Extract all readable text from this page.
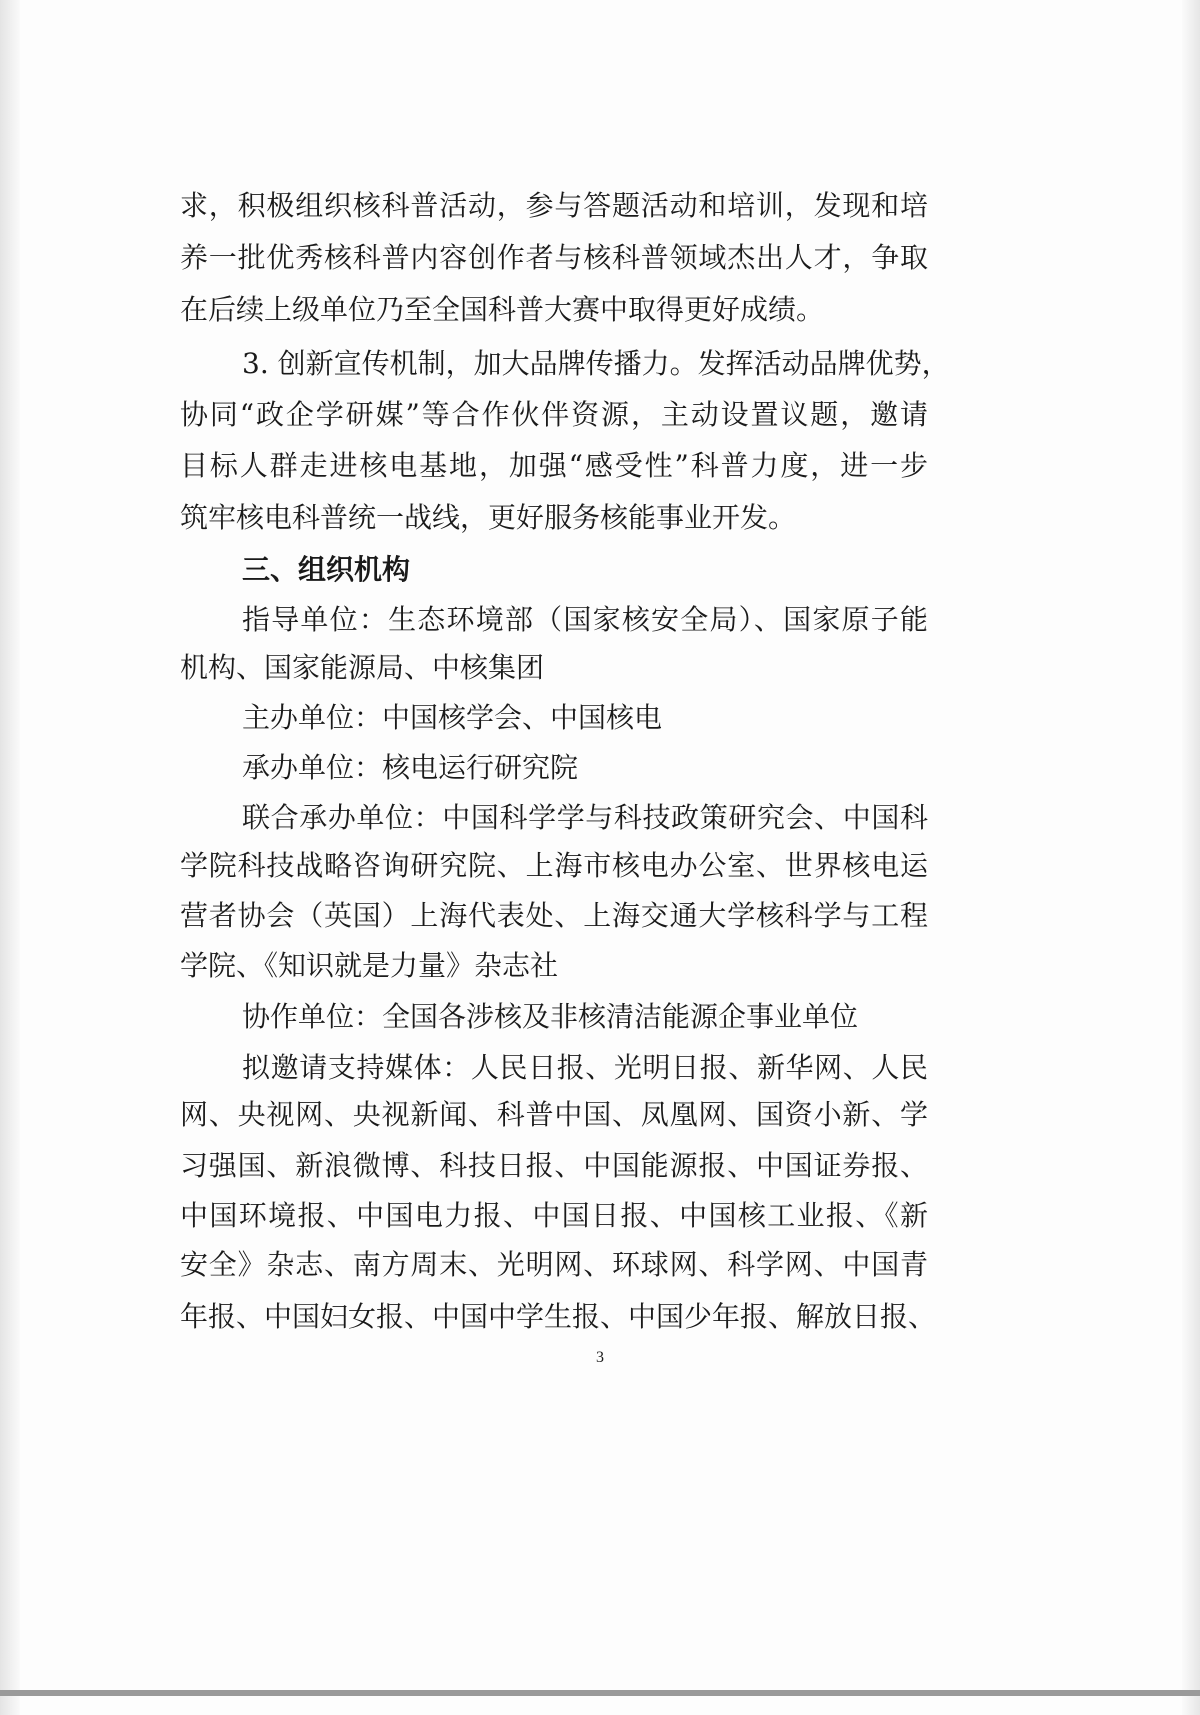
求，积极组织核科普活动，参与答题活动和培训，发现和培
养一批优秀核科普内容创作者与核科普领域杰出人才，争取
在后续上级单位乃至全国科普大赛中取得更好成绩。
3. 创新宣传机制，加大品牌传播力。发挥活动品牌优势，
协同“政企学研媒”等合作伙伴资源，主动设置议题，邀请
目标人群走进核电基地，加强“感受性”科普力度，进一步
筑牢核电科普统一战线，更好服务核能事业开发。
三、组织机构
指导单位：生态环境部（国家核安全局）、国家原子能
机构、国家能源局、中核集团
主办单位：中国核学会、中国核电
承办单位：核电运行研究院
联合承办单位：中国科学学与科技政策研究会、中国科
学院科技战略咨询研究院、上海市核电办公室、世界核电运
营者协会（英国）上海代表处、上海交通大学核科学与工程
学院、《知识就是力量》杂志社
协作单位：全国各涉核及非核清洁能源企事业单位
拟邀请支持媒体：人民日报、光明日报、新华网、人民
网、央视网、央视新闻、科普中国、凤凰网、国资小新、学
习强国、新浪微博、科技日报、中国能源报、中国证券报、
中国环境报、中国电力报、中国日报、中国核工业报、《新
安全》杂志、南方周末、光明网、环球网、科学网、中国青
年报、中国妇女报、中国中学生报、中国少年报、解放日报、
3
